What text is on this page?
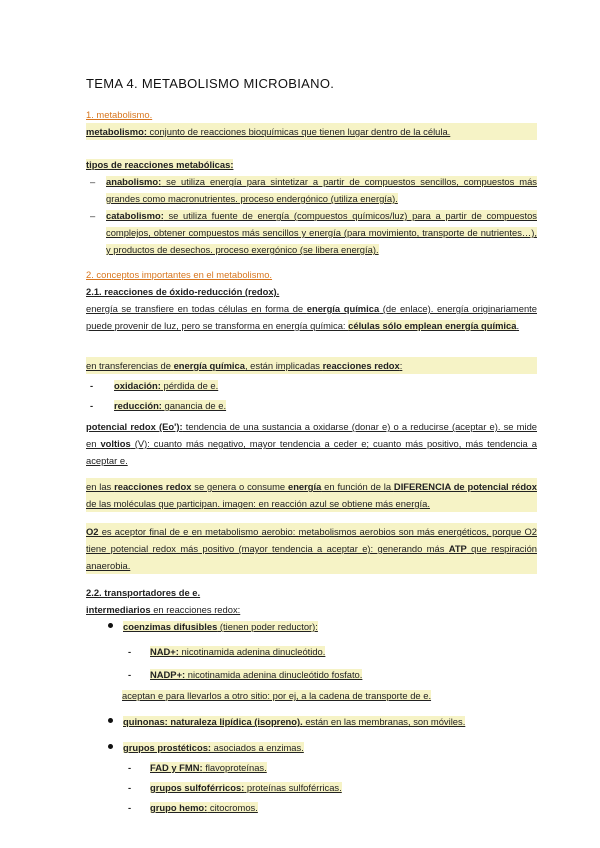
TEMA 4. METABOLISMO MICROBIANO.
1. metabolismo.
metabolismo: conjunto de reacciones bioquímicas que tienen lugar dentro de la célula.
tipos de reacciones metabólicas:
– anabolismo: se utiliza energía para sintetizar a partir de compuestos sencillos, compuestos más grandes como macronutrientes. proceso endergónico (utiliza energía).
– catabolismo: se utiliza fuente de energía (compuestos químicos/luz) para a partir de compuestos complejos, obtener compuestos más sencillos y energía (para movimiento, transporte de nutrientes…), y productos de desechos. proceso exergónico (se libera energía).
2. conceptos importantes en el metabolismo.
2.1. reacciones de óxido-reducción (redox).
energía se transfiere en todas células en forma de energía química (de enlace). energía originariamente puede provenir de luz, pero se transforma en energía química: células sólo emplean energía química.
en transferencias de energía química, están implicadas reacciones redox:
- oxidación: pérdida de e.
- reducción: ganancia de e.
potencial redox (Eo'): tendencia de una sustancia a oxidarse (donar e) o a reducirse (aceptar e). se mide en voltios (V): cuanto más negativo, mayor tendencia a ceder e; cuanto más positivo, más tendencia a aceptar e.
en las reacciones redox se genera o consume energía en función de la DIFERENCIA de potencial rédox de las moléculas que participan. imagen: en reacción azul se obtiene más energía.
O2 es aceptor final de e en metabolismo aerobio: metabolismos aerobios son más energéticos, porque O2 tiene potencial redox más positivo (mayor tendencia a aceptar e): generando más ATP que respiración anaerobia.
2.2. transportadores de e.
intermediarios en reacciones redox:
coenzimas difusibles (tienen poder reductor):
- NAD+: nicotinamida adenina dinucleótido.
- NADP+: nicotinamida adenina dinucleótido fosfato.
aceptan e para llevarlos a otro sitio: por ej, a la cadena de transporte de e.
quinonas: naturaleza lipídica (isopreno). están en las membranas, son móviles.
grupos prostéticos: asociados a enzimas.
- FAD y FMN: flavoproteínas.
- grupos sulfoférricos: proteínas sulfoférricas.
- grupo hemo: citocromos.
